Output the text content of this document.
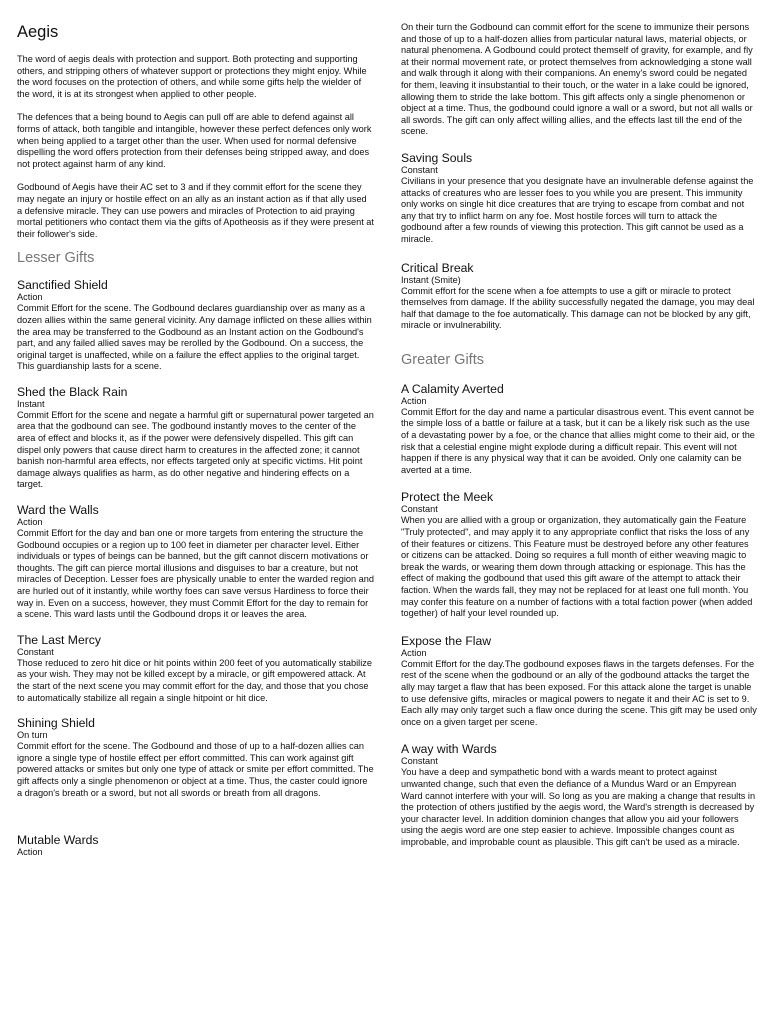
Aegis

The word of aegis deals with protection and support. Both protecting and supporting others, and stripping others of whatever support or protections they might enjoy. While the word focuses on the protection of others, and while some gifts help the wielder of the word, it is at its strongest when applied to other people.

The defences that a being bound to Aegis can pull off are able to defend against all forms of attack, both tangible and intangible, however these perfect defences only work when being applied to a target other than the user. When used for normal defensive dispelling the word offers protection from their defenses being stripped away, and does not protect against harm of any kind.

Godbound of Aegis have their AC set to 3 and if they commit effort for the scene they may negate an injury or hostile effect on an ally as an instant action as if that ally used a defensive miracle. They can use powers and miracles of Protection to aid praying mortal petitioners who contact them via the gifts of Apotheosis as if they were present at their follower's side.

Lesser Gifts
Sanctified Shield
Action

Commit Effort for the scene. The Godbound declares guardianship over as many as a dozen allies within the same general vicinity. Any damage inflicted on these allies within the area may be transferred to the Godbound as an Instant action on the Godbound's part, and any failed allied saves may be rerolled by the Godbound. On a success, the original target is unaffected, while on a failure the effect applies to the original target. This guardianship lasts for a scene.

Shed the Black Rain
Instant

Commit Effort for the scene and negate a harmful gift or supernatural power targeted an area that the godbound can see. The godbound instantly moves to the center of the area of effect and blocks it, as if the power were defensively dispelled. This gift can dispel only powers that cause direct harm to creatures in the affected zone; it cannot banish non-harmful area effects, nor effects targeted only at specific victims. Hit point damage always qualifies as harm, as do other negative and hindering effects on a target.

Ward the Walls
Action

Commit Effort for the day and ban one or more targets from entering the structure the Godbound occupies or a region up to 100 feet in diameter per character level. Either individuals or types of beings can be banned, but the gift cannot discern motivations or thoughts. The gift can pierce mortal illusions and disguises to bar a creature, but not miracles of Deception. Lesser foes are physically unable to enter the warded region and are hurled out of it instantly, while worthy foes can save versus Hardiness to force their way in. Even on a success, however, they must Commit Effort for the day to remain for a scene. This ward lasts until the Godbound drops it or leaves the area.

The Last Mercy
Constant

Those reduced to zero hit dice or hit points within 200 feet of you automatically stabilize as your wish. They may not be killed except by a miracle, or gift empowered attack. At the start of the next scene you may commit effort for the day, and those that you chose to automatically stabilize all regain a single hitpoint or hit dice.

Shining Shield
On turn

Commit effort for the scene. The Godbound and those of up to a half-dozen allies can ignore a single type of hostile effect per effort committed. This can work against gift powered attacks or smites but only one type of attack or smite per effort committed. The gift affects only a single phenomenon or object at a time. Thus, the caster could ignore a dragon's breath or a sword, but not all swords or breath from all dragons.

Mutable Wards
Action

On their turn the Godbound can commit effort for the scene to immunize their persons and those of up to a half-dozen allies from particular natural laws, material objects, or natural phenomena. A Godbound could protect themself of gravity, for example, and fly at their normal movement rate, or protect themselves from acknowledging a stone wall and walk through it along with their companions. An enemy's sword could be negated for them, leaving it insubstantial to their touch, or the water in a lake could be ignored, allowing them to stride the lake bottom. This gift affects only a single phenomenon or object at a time. Thus, the godbound could ignore a wall or a sword, but not all walls or all swords. The gift can only affect willing allies, and the effects last till the end of the scene.

Saving Souls
Constant

Civilians in your presence that you designate have an invulnerable defense against the attacks of creatures who are lesser foes to you while you are present. This immunity only works on single hit dice creatures that are trying to escape from combat and not any that try to inflict harm on any foe. Most hostile forces will turn to attack the godbound after a few rounds of viewing this protection. This gift cannot be used as a miracle.

Critical Break
Instant (Smite)

Commit effort for the scene when a foe attempts to use a gift or miracle to protect themselves from damage. If the ability successfully negated the damage, you may deal half that damage to the foe automatically. This damage can not be blocked by any gift, miracle or invulnerability.

Greater Gifts
A Calamity Averted
Action

Commit Effort for the day and name a particular disastrous event. This event cannot be the simple loss of a battle or failure at a task, but it can be a likely risk such as the use of a devastating power by a foe, or the chance that allies might come to their aid, or the risk that a celestial engine might explode during a difficult repair. This event will not happen if there is any physical way that it can be avoided. Only one calamity can be averted at a time.

Protect the Meek
Constant

When you are allied with a group or organization, they automatically gain the Feature "Truly protected", and may apply it to any appropriate conflict that risks the loss of any of their features or citizens. This Feature must be destroyed before any other features or citizens can be attacked. Doing so requires a full month of either weaving magic to break the wards, or wearing them down through attacking or espionage. This has the effect of making the godbound that used this gift aware of the attempt to attack their faction. When the wards fall, they may not be replaced for at least one full month. You may confer this feature on a number of factions with a total faction power (when added together) of half your level rounded up.

Expose the Flaw
Action

Commit Effort for the day.The godbound exposes flaws in the targets defenses. For the rest of the scene when the godbound or an ally of the godbound attacks the target the ally may target a flaw that has been exposed. For this attack alone the target is unable to use defensive gifts, miracles or magical powers to negate it and their AC is set to 9. Each ally may only target such a flaw once during the scene. This gift may be used only once on a given target per scene.

A way with Wards
Constant

You have a deep and sympathetic bond with a wards meant to protect against unwanted change, such that even the defiance of a Mundus Ward or an Empyrean Ward cannot interfere with your will. So long as you are making a change that results in the protection of others justified by the aegis word, the Ward's strength is decreased by your character level. In addition dominion changes that allow you aid your followers using the aegis word are one step easier to achieve. Impossible changes count as improbable, and improbable count as plausible. This gift can't be used as a miracle.
